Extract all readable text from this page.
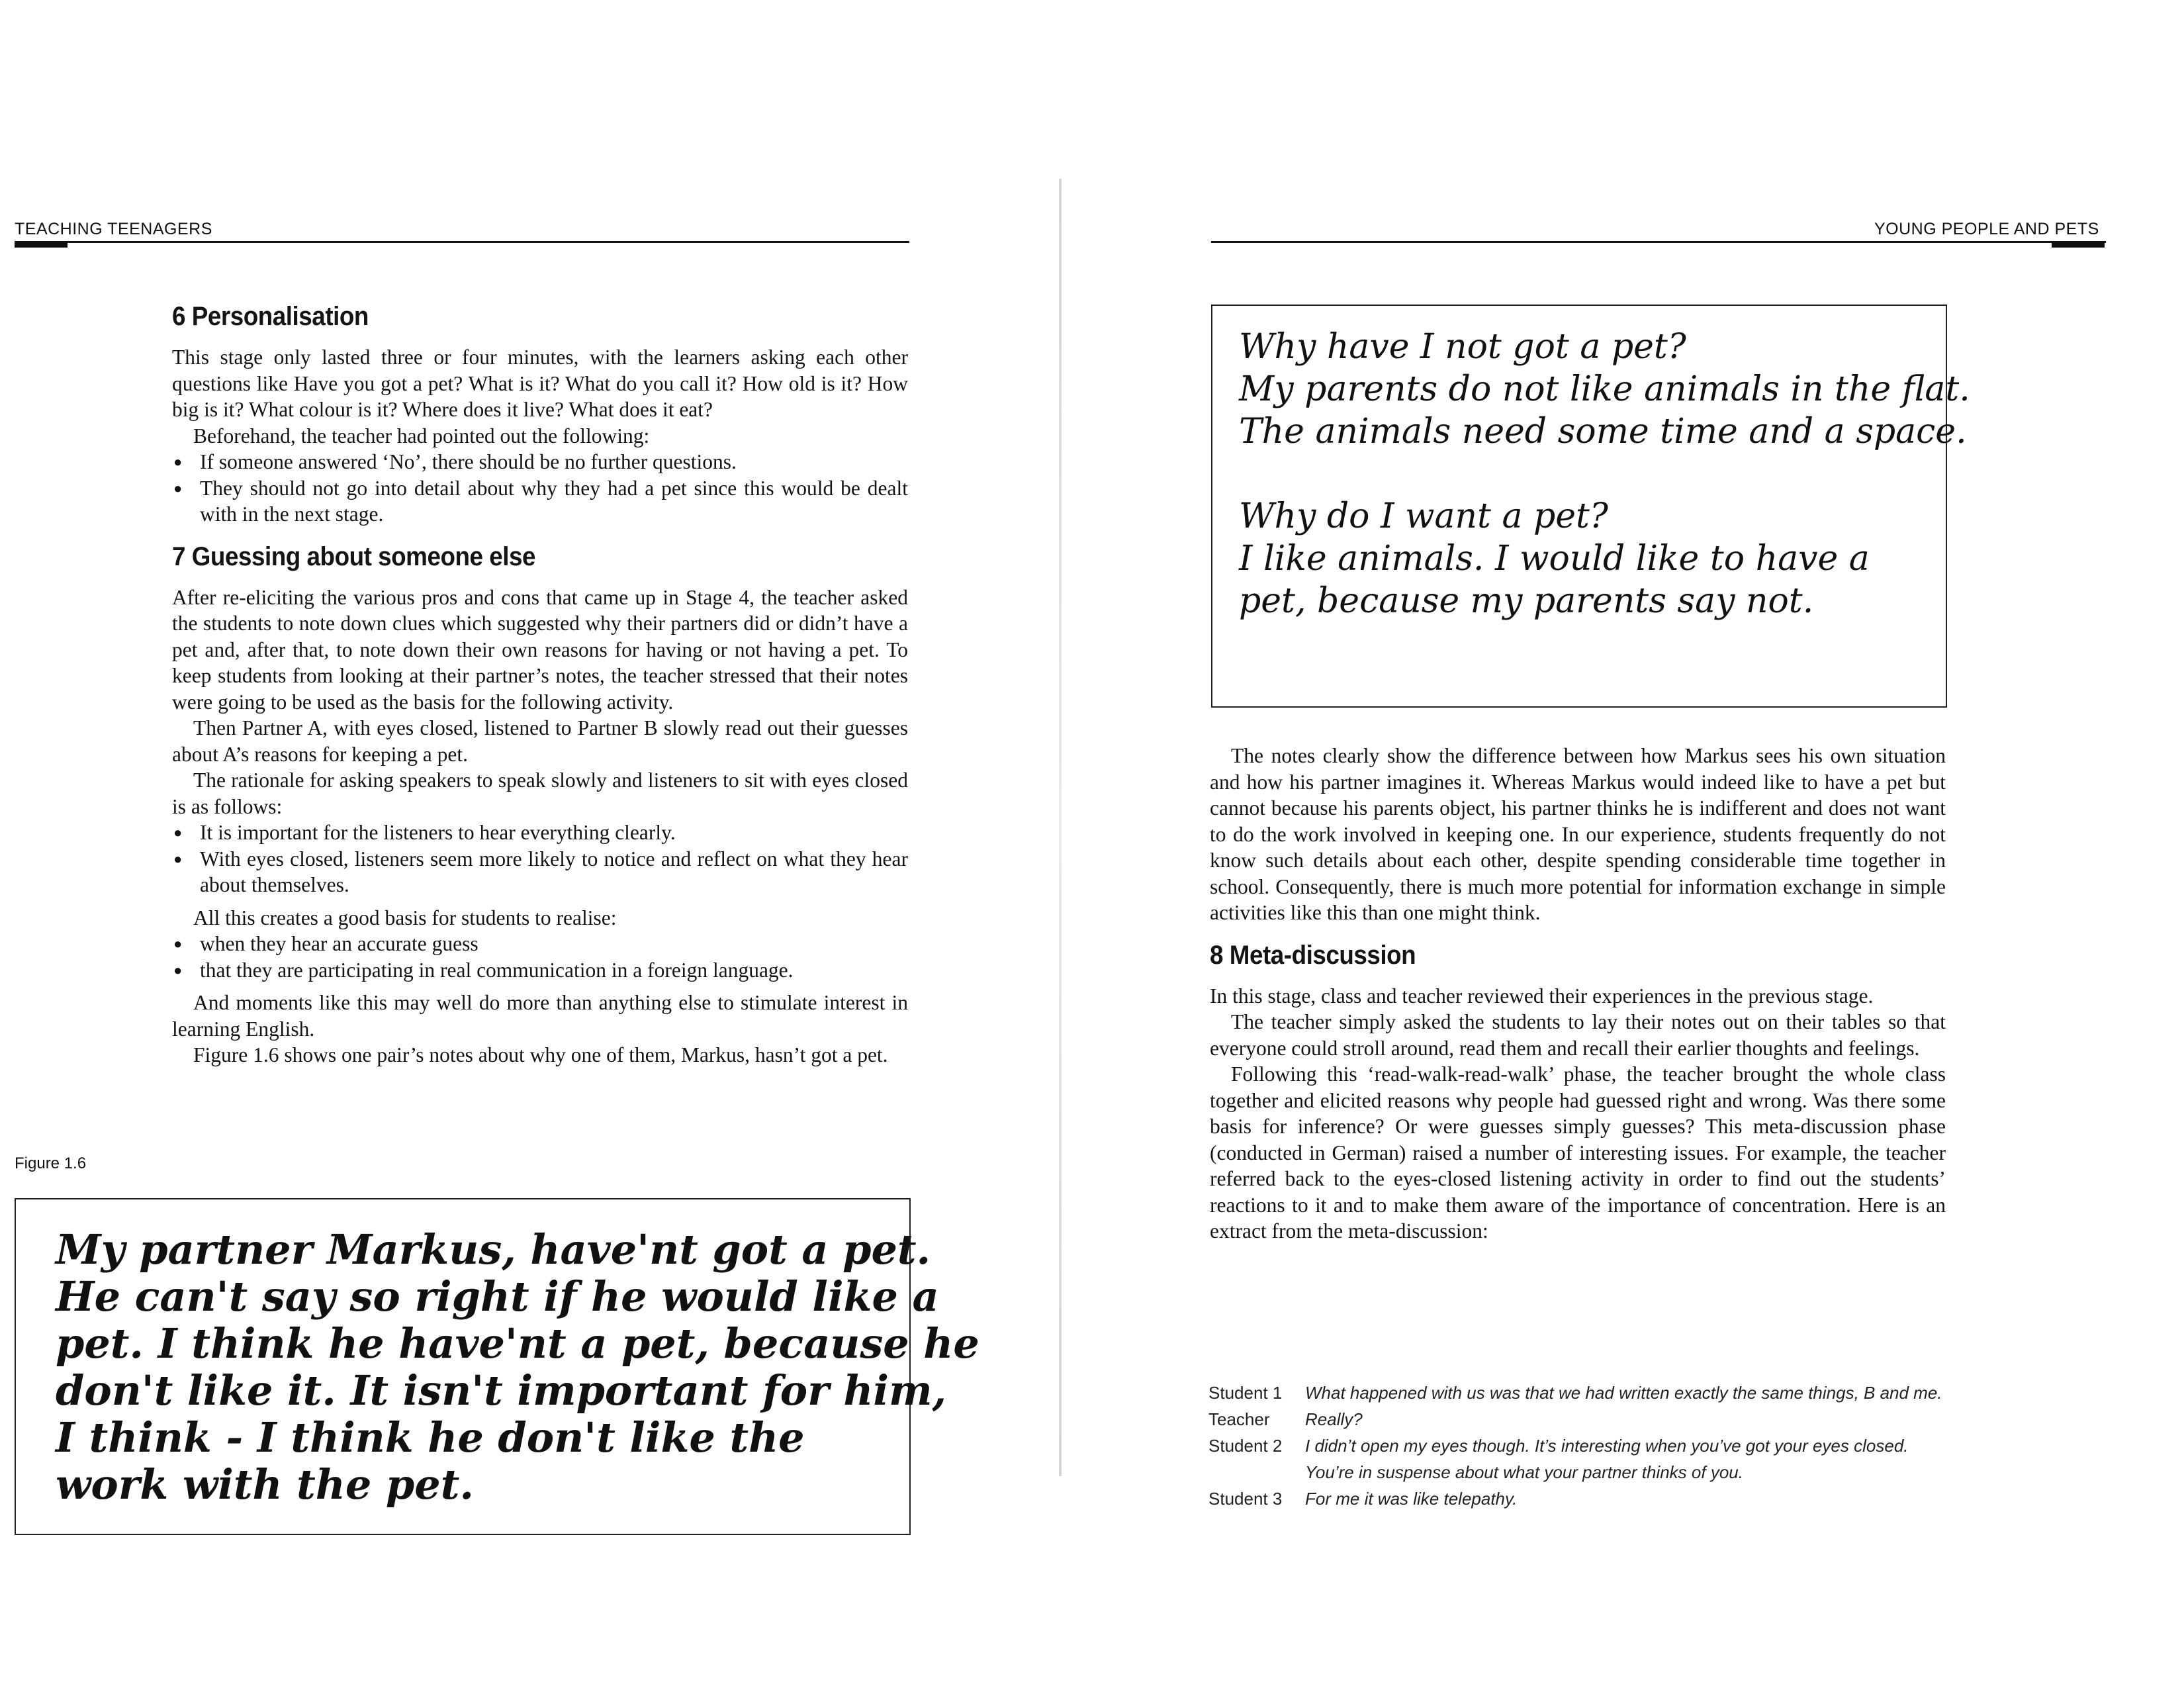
TEACHING TEENAGERS
6 Personalisation

This stage only lasted three or four minutes, with the learners asking each other questions like Have you got a pet? What is it? What do you call it? How old is it? How big is it? What colour is it? Where does it live? What does it eat?

Beforehand, the teacher had pointed out the following:

● If someone answered ‘No’, there should be no further questions.
● They should not go into detail about why they had a pet since this would be dealt with in the next stage.
7 Guessing about someone else

After re-eliciting the various pros and cons that came up in Stage 4, the teacher asked the students to note down clues which suggested why their partners did or didn’t have a pet and, after that, to note down their own reasons for having or not having a pet. To keep students from looking at their partner’s notes, the teacher stressed that their notes were going to be used as the basis for the following activity.

Then Partner A, with eyes closed, listened to Partner B slowly read out their guesses about A’s reasons for keeping a pet.

The rationale for asking speakers to speak slowly and listeners to sit with eyes closed is as follows:

● It is important for the listeners to hear everything clearly.
● With eyes closed, listeners seem more likely to notice and reflect on what they hear about themselves.

All this creates a good basis for students to realise:

● when they hear an accurate guess
● that they are participating in real communication in a foreign language.

And moments like this may well do more than anything else to stimulate interest in learning English.

Figure 1.6 shows one pair’s notes about why one of them, Markus, hasn’t got a pet.

Figure 1.6
My partner Markus, have'nt got a pet.
He can't say so right if he would like a
pet. I think he have'nt a pet, because he
don't like it. It isn't important for him,
I think - I think he don't like the
work with the pet.
YOUNG PEOPLE AND PETS
Why have I not got a pet?
My parents do not like animals in the flat.
The animals need some time and a space.

Why do I want a pet?
I like animals. I would like to have a
pet, because my parents say not.

The notes clearly show the difference between how Markus sees his own situation and how his partner imagines it. Whereas Markus would indeed like to have a pet but cannot because his parents object, his partner thinks he is indifferent and does not want to do the work involved in keeping one. In our experience, students frequently do not know such details about each other, despite spending considerable time together in school. Consequently, there is much more potential for information exchange in simple activities like this than one might think.

8 Meta-discussion

In this stage, class and teacher reviewed their experiences in the previous stage.

The teacher simply asked the students to lay their notes out on their tables so that everyone could stroll around, read them and recall their earlier thoughts and feelings.

Following this ‘read-walk-read-walk’ phase, the teacher brought the whole class together and elicited reasons why people had guessed right and wrong. Was there some basis for inference? Or were guesses simply guesses? This meta-discussion phase (conducted in German) raised a number of interesting issues. For example, the teacher referred back to the eyes-closed listening activity in order to find out the students’ reactions to it and to make them aware of the importance of concentration. Here is an extract from the meta-discussion:

Student 1	What happened with us was that we had written exactly the same things, B and me.
Teacher	Really?
Student 2	I didn’t open my eyes though. It’s interesting when you’ve got your eyes closed. You’re in suspense about what your partner thinks of you.
Student 3	For me it was like telepathy.
